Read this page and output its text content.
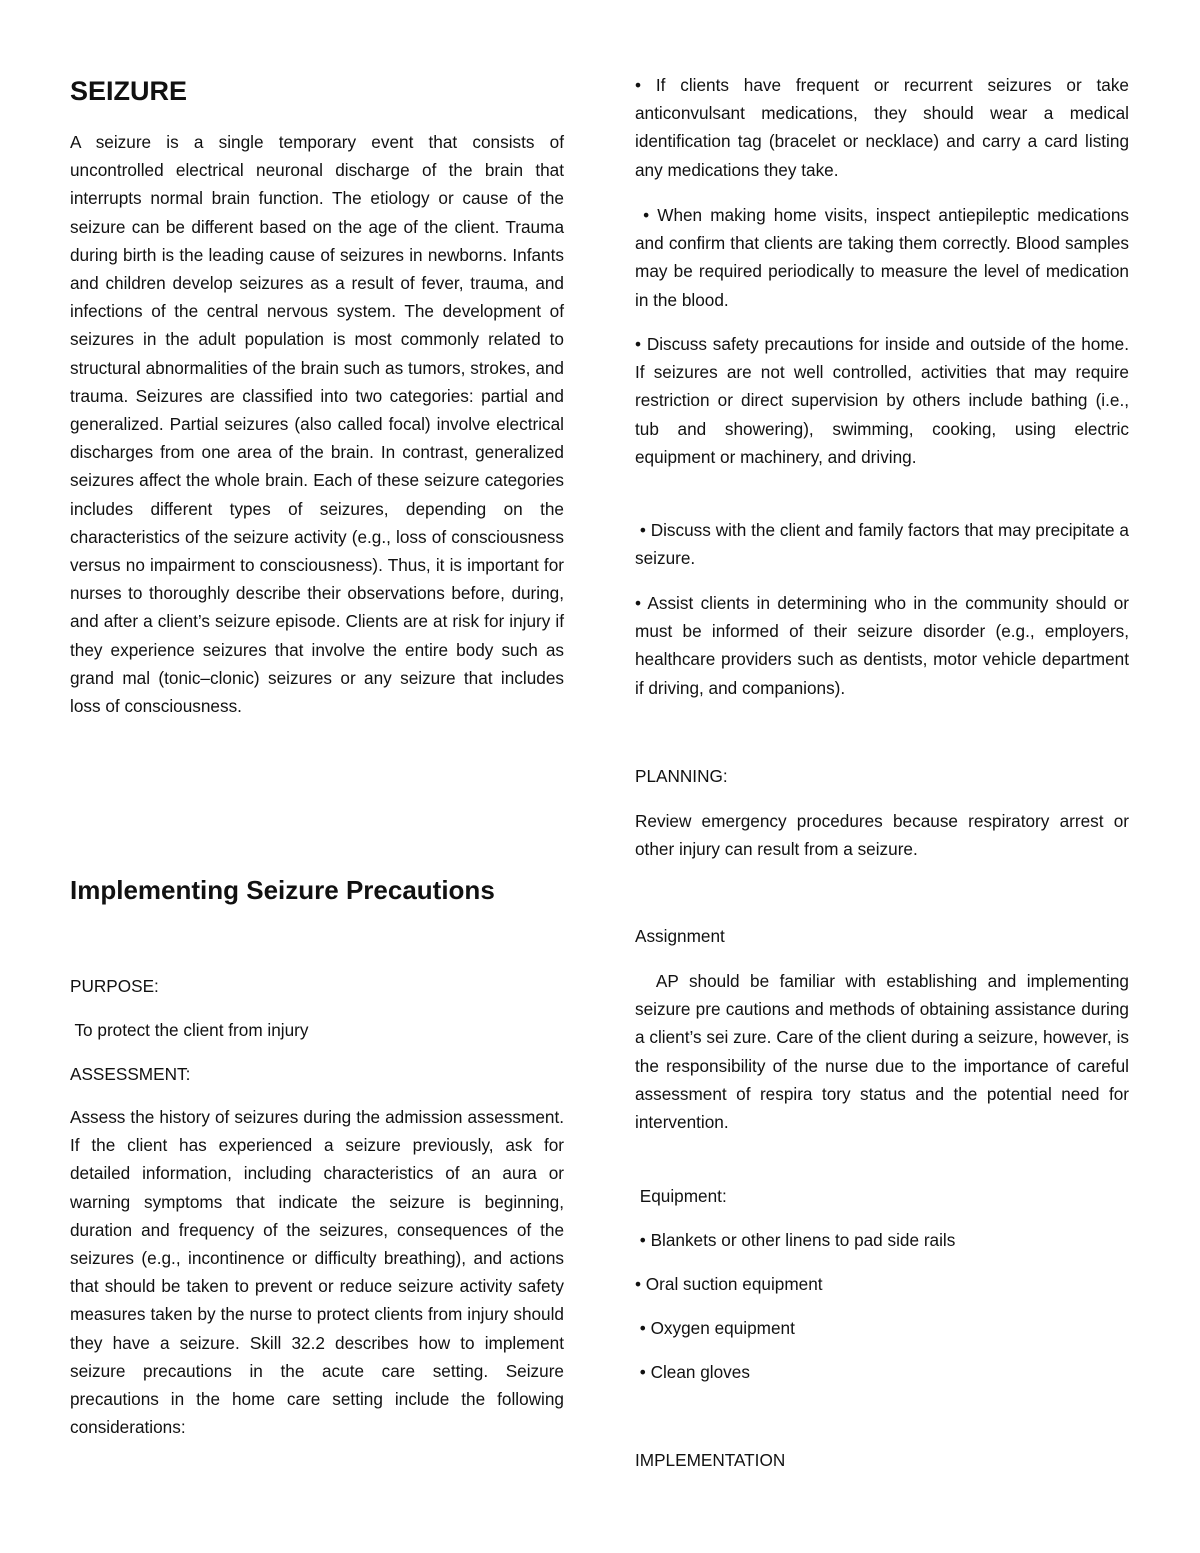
SEIZURE

A seizure is a single temporary event that consists of uncontrolled electrical neuronal discharge of the brain that interrupts normal brain function. The etiology or cause of the seizure can be different based on the age of the client. Trauma during birth is the leading cause of seizures in newborns. Infants and children develop seizures as a result of fever, trauma, and infections of the central nervous system. The development of seizures in the adult population is most commonly related to structural abnormalities of the brain such as tumors, strokes, and trauma. Seizures are classified into two categories: partial and generalized. Partial seizures (also called focal) involve electrical discharges from one area of the brain. In contrast, generalized seizures affect the whole brain. Each of these seizure categories includes different types of seizures, depending on the characteristics of the seizure activity (e.g., loss of consciousness versus no impairment to consciousness). Thus, it is important for nurses to thoroughly describe their observations before, during, and after a client’s seizure episode. Clients are at risk for injury if they experience seizures that involve the entire body such as grand mal (tonic–clonic) seizures or any seizure that includes loss of consciousness.

Implementing Seizure Precautions

PURPOSE:

To protect the client from injury

ASSESSMENT:

Assess the history of seizures during the admission assessment. If the client has experienced a seizure previously, ask for detailed information, including characteristics of an aura or warning symptoms that indicate the seizure is beginning, duration and frequency of the seizures, consequences of the seizures (e.g., incontinence or difficulty breathing), and actions that should be taken to prevent or reduce seizure activity safety measures taken by the nurse to protect clients from injury should they have a seizure. Skill 32.2 describes how to implement seizure precautions in the acute care setting. Seizure precautions in the home care setting include the following considerations:

• If clients have frequent or recurrent seizures or take anticonvulsant medications, they should wear a medical identification tag (bracelet or necklace) and carry a card listing any medications they take.

• When making home visits, inspect antiepileptic medications and confirm that clients are taking them correctly. Blood samples may be required periodically to measure the level of medication in the blood.

• Discuss safety precautions for inside and outside of the home. If seizures are not well controlled, activities that may require restriction or direct supervision by others include bathing (i.e., tub and showering), swimming, cooking, using electric equipment or machinery, and driving.

• Discuss with the client and family factors that may precipitate a seizure.

• Assist clients in determining who in the community should or must be informed of their seizure disorder (e.g., employers, healthcare providers such as dentists, motor vehicle department if driving, and companions).

PLANNING:

Review emergency procedures because respiratory arrest or other injury can result from a seizure.

Assignment

AP should be familiar with establishing and implementing seizure pre cautions and methods of obtaining assistance during a client’s sei zure. Care of the client during a seizure, however, is the responsibility of the nurse due to the importance of careful assessment of respira tory status and the potential need for intervention.

Equipment:

• Blankets or other linens to pad side rails

• Oral suction equipment

• Oxygen equipment

• Clean gloves

IMPLEMENTATION
